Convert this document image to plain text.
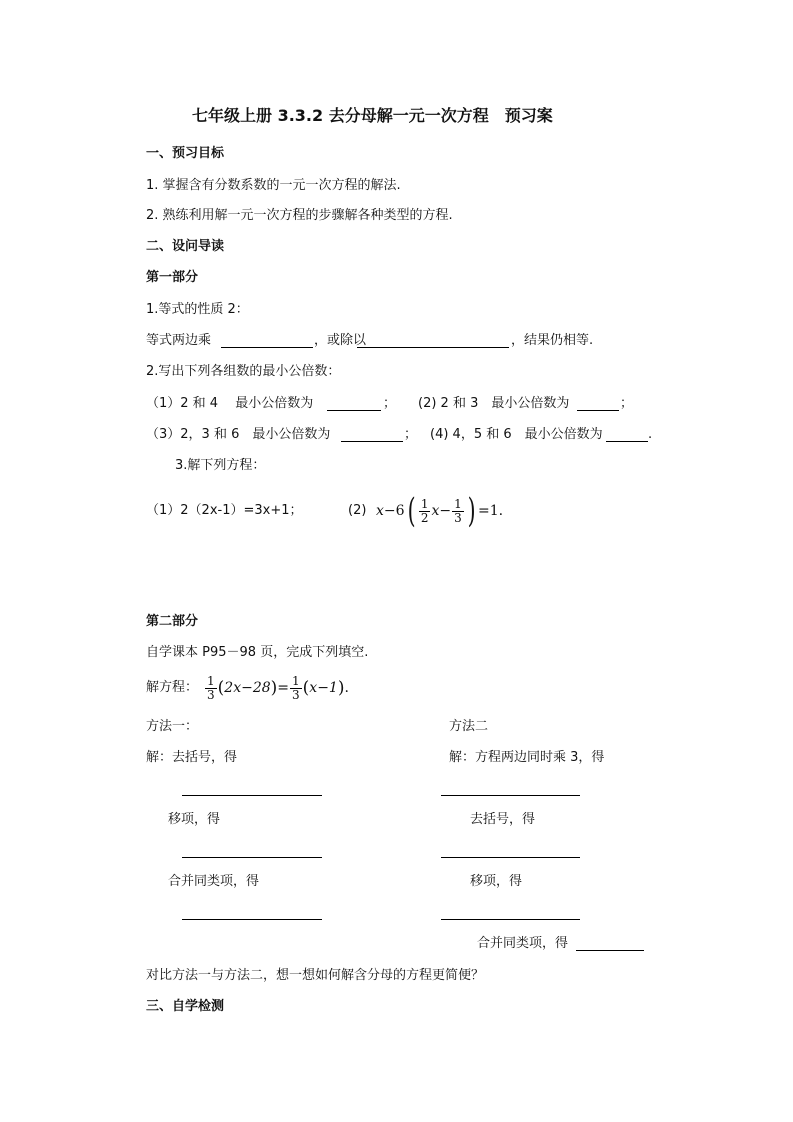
七年级上册 3.3.2 去分母解一元一次方程　预习案
一、预习目标
1. 掌握含有分数系数的一元一次方程的解法.
2. 熟练利用解一元一次方程的步骤解各种类型的方程.
二、设问导读
第一部分
1.等式的性质 2：
等式两边乘	，或除以	，结果仍相等.
2.写出下列各组数的最小公倍数：
（1）2 和 4　 最小公倍数为	； (2) 2 和 3　最小公倍数为	；
（3）2，3 和 6　最小公倍数为	； (4) 4，5 和 6　最小公倍数为	.
3.解下列方程：
（1）2（2x-1）=3x+1；	(2) x −6 ( $\frac{1}{2}$ $x - \frac{1}{3}$ ) =1.
第二部分
自学课本 P95－98 页，完成下列填空.
解方程： $\frac{1}{3}$ ( 2x−28 ) = $\frac{1}{3}$ ( x−1 ) .
方法一：
解：去括号，得
移项，得
合并同类项，得
方法二
解：方程两边同时乘 3，得
去括号，得
移项，得
合并同类项，得
对比方法一与方法二，想一想如何解含分母的方程更简便？
三、自学检测
